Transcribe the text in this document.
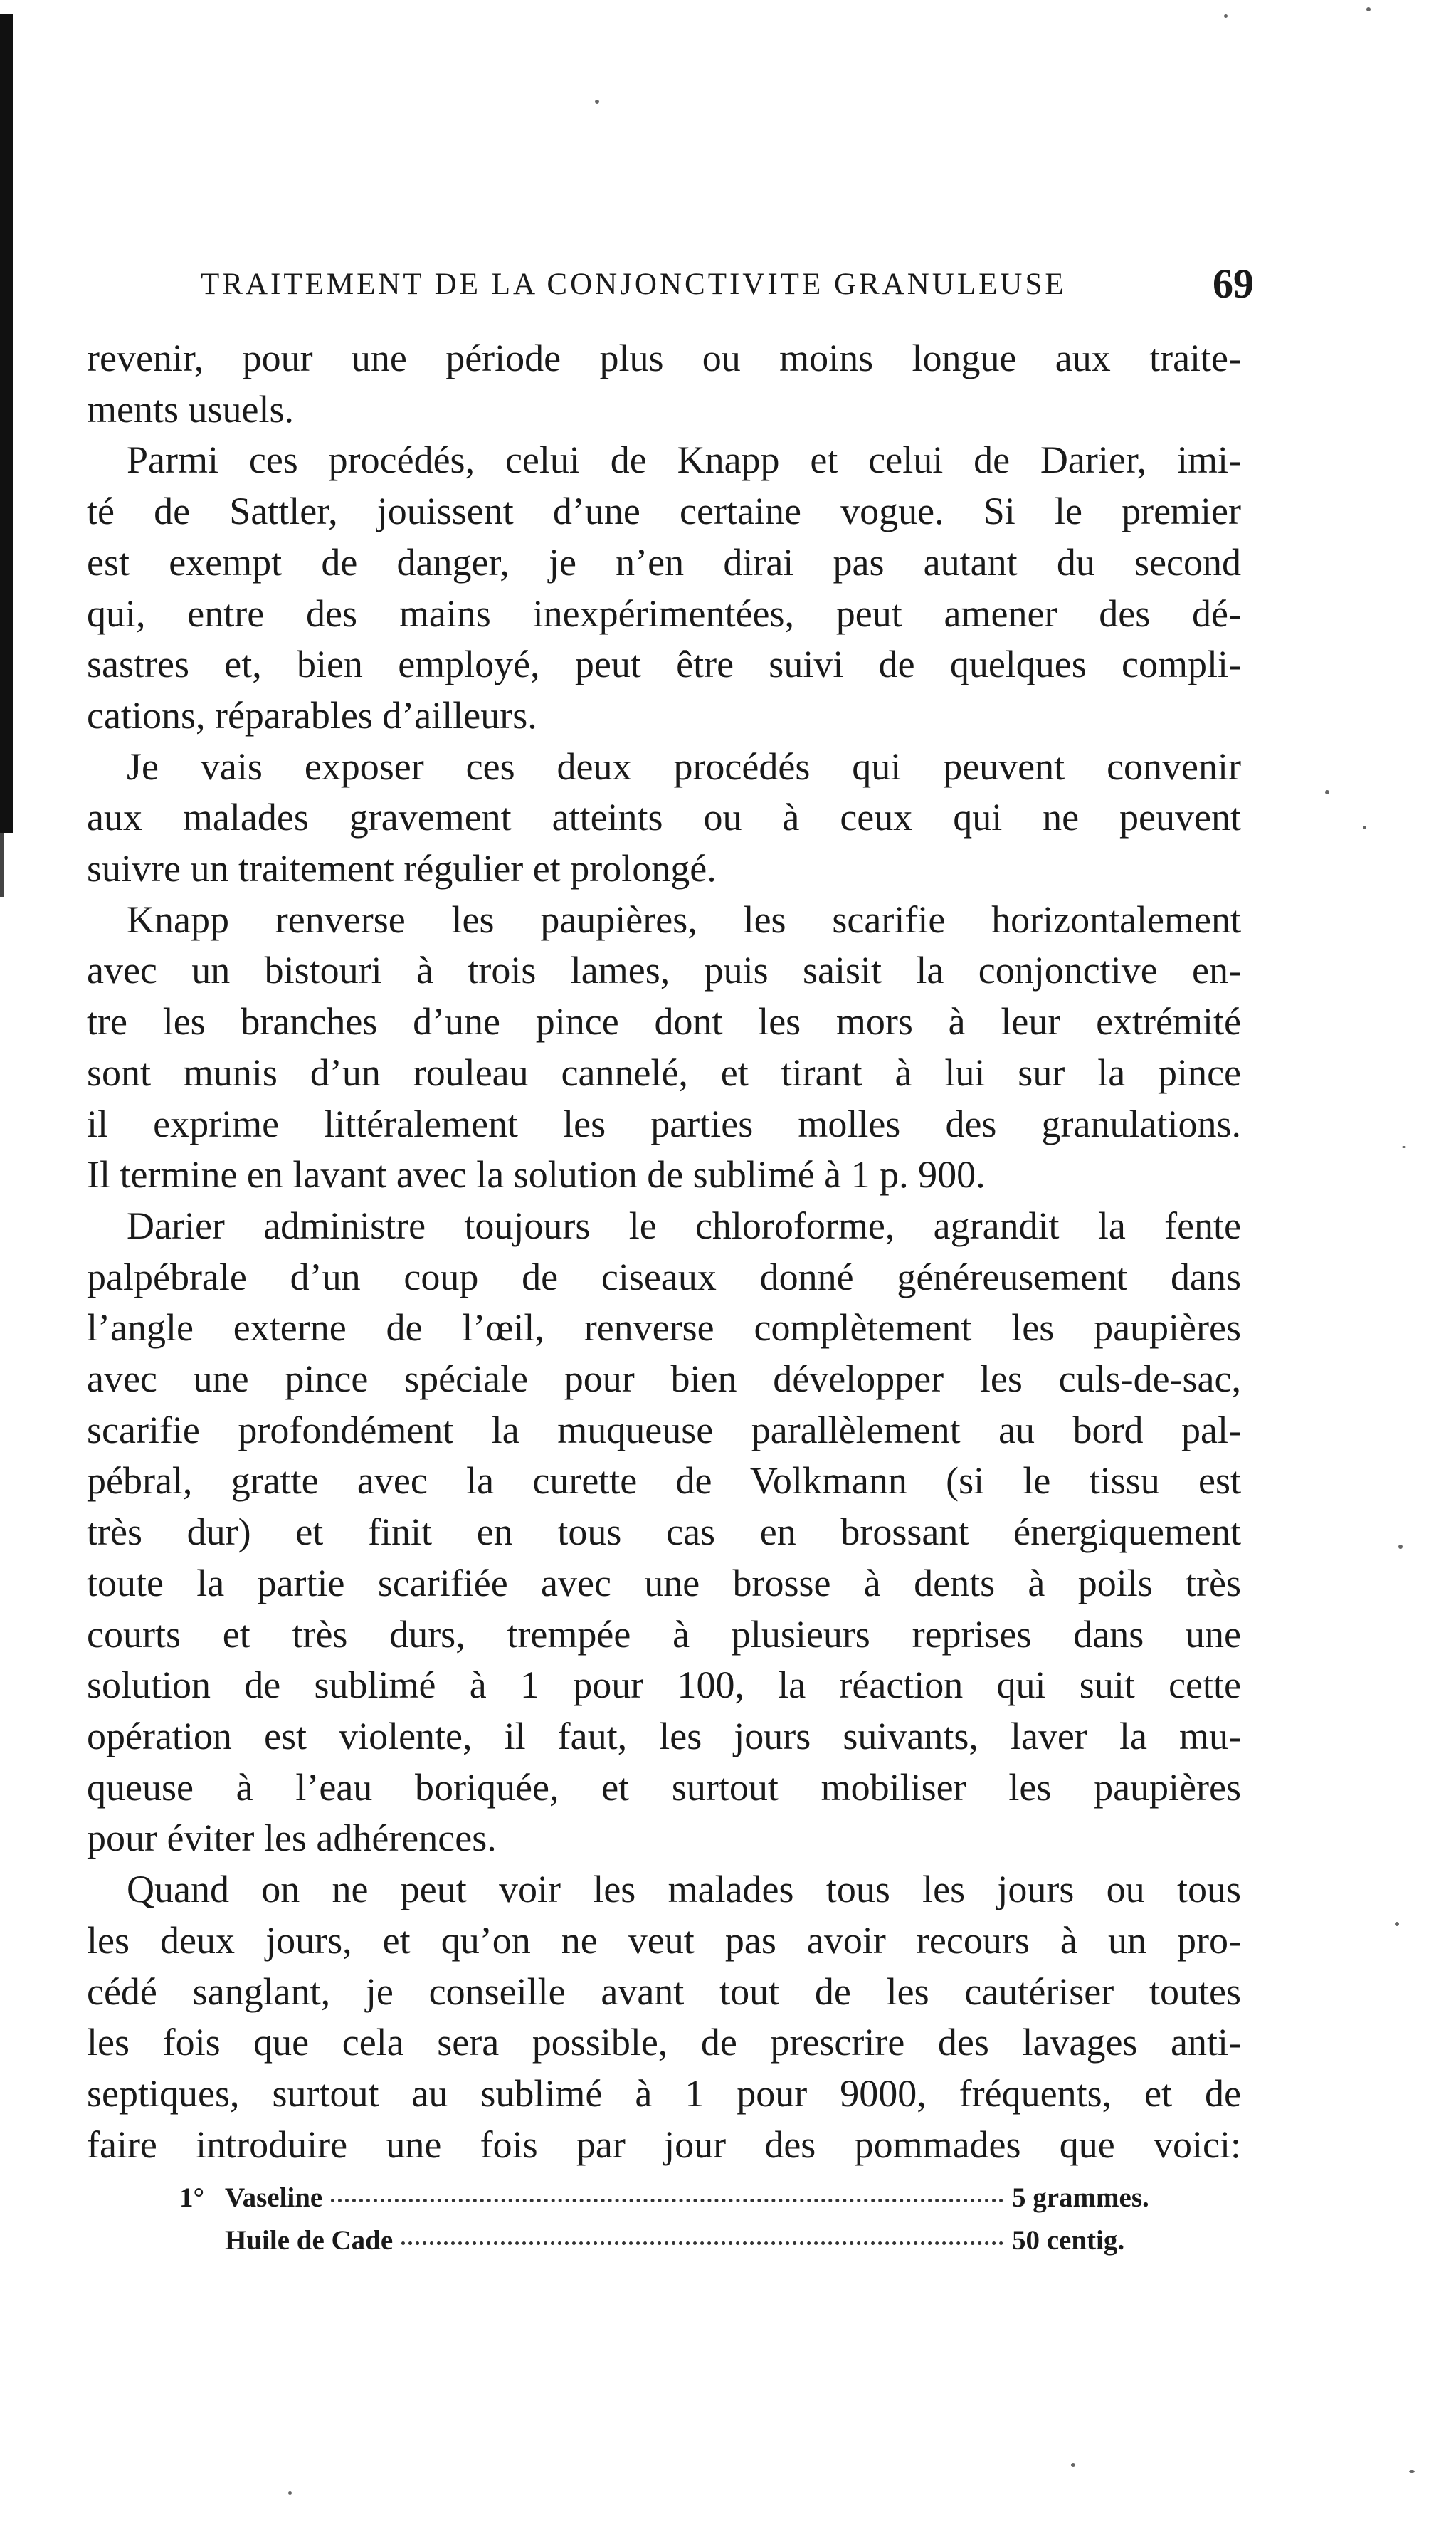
TRAITEMENT DE LA CONJONCTIVITE GRANULEUSE	69

revenir, pour une période plus ou moins longue aux traite-

ments usuels.

Parmi ces procédés, celui de Knapp et celui de Darier, imi-

té de Sattler, jouissent d’une certaine vogue. Si le premier

est exempt de danger, je n’en dirai pas autant du second

qui, entre des mains inexpérimentées, peut amener des dé-

sastres et, bien employé, peut être suivi de quelques compli-

cations, réparables d’ailleurs.

Je vais exposer ces deux procédés qui peuvent convenir

aux malades gravement atteints ou à ceux qui ne peuvent

suivre un traitement régulier et prolongé.

Knapp renverse les paupières, les scarifie horizontalement

avec un bistouri à trois lames, puis saisit la conjonctive en-

tre les branches d’une pince dont les mors à leur extrémité

sont munis d’un rouleau cannelé, et tirant à lui sur la pince

il exprime littéralement les parties molles des granulations.

Il termine en lavant avec la solution de sublimé à 1 p. 900.

Darier administre toujours le chloroforme, agrandit la fente

palpébrale d’un coup de ciseaux donné généreusement dans

l’angle externe de l’œil, renverse complètement les paupières

avec une pince spéciale pour bien développer les culs-de-sac,

scarifie profondément la muqueuse parallèlement au bord pal-

pébral, gratte avec la curette de Volkmann (si le tissu est

très dur) et finit en tous cas en brossant énergiquement

toute la partie scarifiée avec une brosse à dents à poils très

courts et très durs, trempée à plusieurs reprises dans une

solution de sublimé à 1 pour 100, la réaction qui suit cette

opération est violente, il faut, les jours suivants, laver la mu-

queuse à l’eau boriquée, et surtout mobiliser les paupières

pour éviter les adhérences.

Quand on ne peut voir les malades tous les jours ou tous

les deux jours, et qu’on ne veut pas avoir recours à un pro-

cédé sanglant, je conseille avant tout de les cautériser toutes

les fois que cela sera possible, de prescrire des lavages anti-

septiques, surtout au sublimé à 1 pour 9000, fréquents, et de

faire introduire une fois par jour des pommades que voici:

1° Vaseline	5 grammes.
Huile de Cade	50 centig.
